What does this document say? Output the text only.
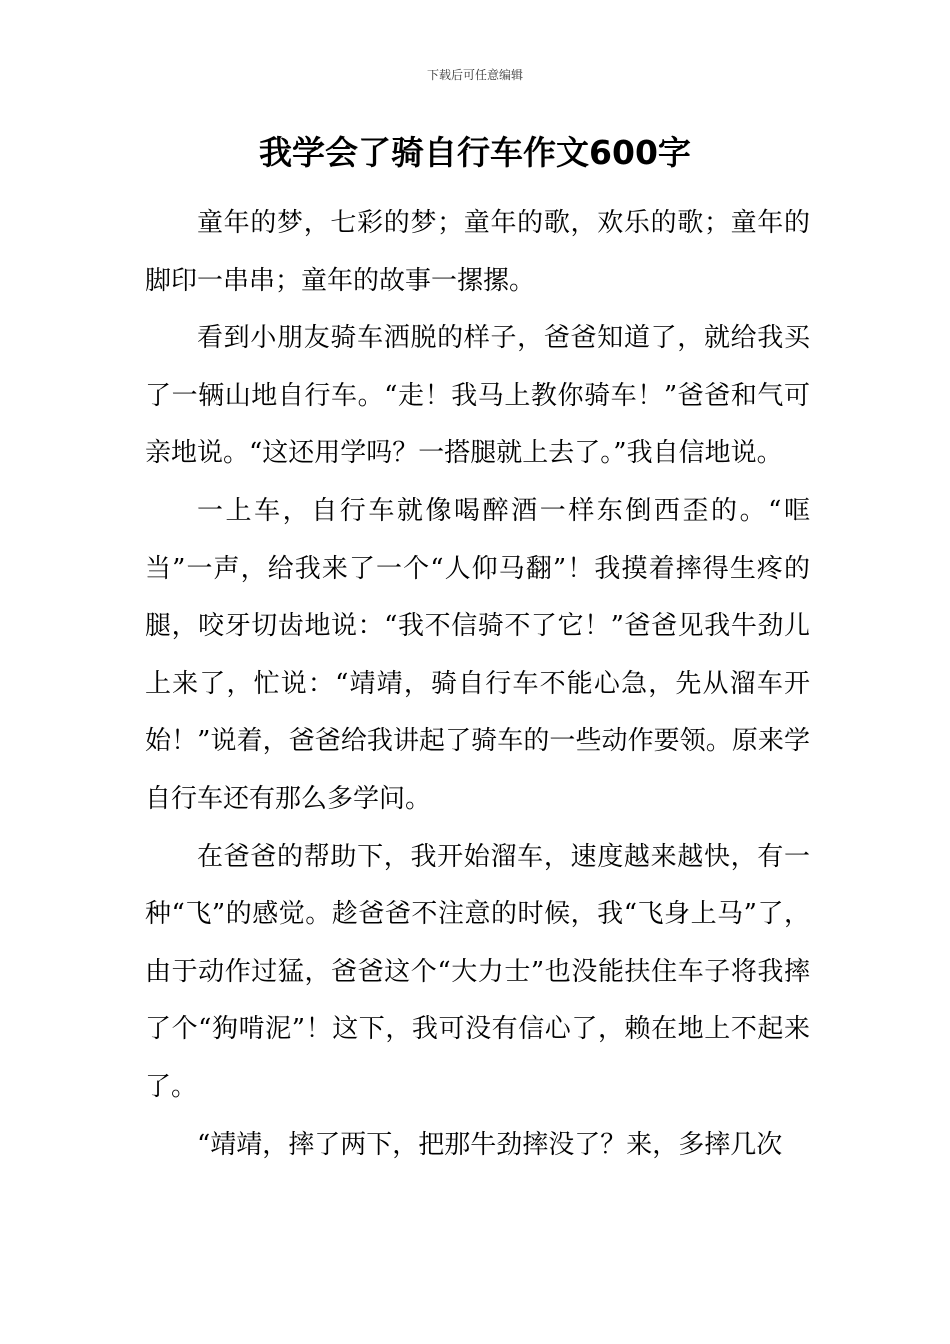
下载后可任意编辑
我学会了骑自行车作文600字

童年的梦，七彩的梦；童年的歌，欢乐的歌；童年的脚印一串串；童年的故事一摞摞。

看到小朋友骑车洒脱的样子，爸爸知道了，就给我买了一辆山地自行车。“走！我马上教你骑车！”爸爸和气可亲地说。“这还用学吗？一搭腿就上去了。”我自信地说。

一上车，自行车就像喝醉酒一样东倒西歪的。“哐当”一声，给我来了一个“人仰马翻”！我摸着摔得生疼的腿，咬牙切齿地说：“我不信骑不了它！”爸爸见我牛劲儿上来了，忙说：“靖靖，骑自行车不能心急，先从溜车开始！”说着，爸爸给我讲起了骑车的一些动作要领。原来学自行车还有那么多学问。

在爸爸的帮助下，我开始溜车，速度越来越快，有一种“飞”的感觉。趁爸爸不注意的时候，我“飞身上马”了，由于动作过猛，爸爸这个“大力士”也没能扶住车子将我摔了个“狗啃泥”！这下，我可没有信心了，赖在地上不起来了。

“靖靖，摔了两下，把那牛劲摔没了？来，多摔几次
